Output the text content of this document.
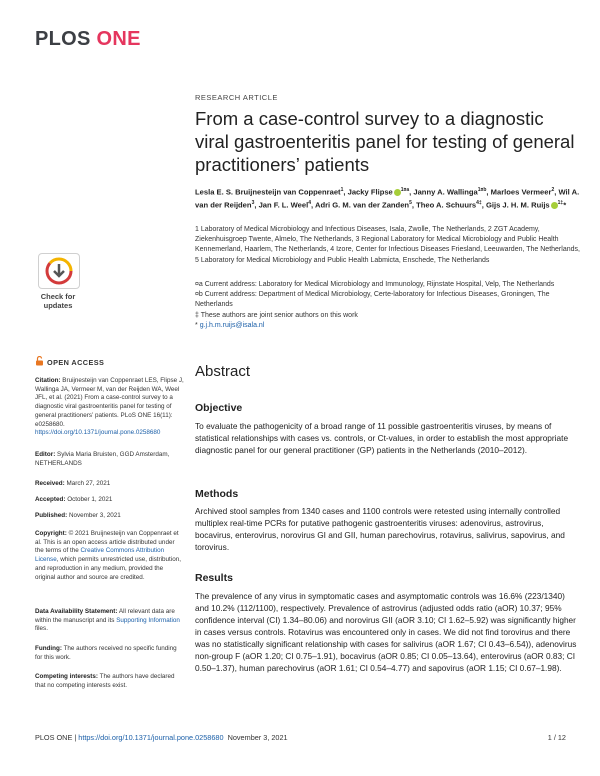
PLOS ONE
RESEARCH ARTICLE
From a case-control survey to a diagnostic viral gastroenteritis panel for testing of general practitioners’ patients
Lesla E. S. Bruijnesteijn van Coppenraet$^1$, Jacky Flipse $^{1¤a}$, Janny A. Wallinga$^{1¤b}$, Marloes Vermeer$^2$, Wil A. van der Reijden$^3$, Jan F. L. Weel$^4$, Adri G. M. van der Zanden$^5$, Theo A. Schuurs$^{4\ddagger}$, Gijs J. H. M. Ruijs $^{1\ddagger}$*
1 Laboratory of Medical Microbiology and Infectious Diseases, Isala, Zwolle, The Netherlands, 2 ZGT Academy, Ziekenhuisgroep Twente, Almelo, The Netherlands, 3 Regional Laboratory for Medical Microbiology and Public Health Kennemerland, Haarlem, The Netherlands, 4 Izore, Center for Infectious Diseases Friesland, Leeuwarden, The Netherlands, 5 Laboratory for Medical Microbiology and Public Health Labmicta, Enschede, The Netherlands

¤a Current address: Laboratory for Medical Microbiology and Immunology, Rijnstate Hospital, Velp, The Netherlands

¤b Current address: Department of Medical Microbiology, Certe-laboratory for Infectious Diseases, Groningen, The Netherlands

‡ These authors are joint senior authors on this work

* g.j.h.m.ruijs@isala.nl

Check for
updates
OPEN ACCESS
Citation: Bruijnesteijn van Coppenraet LES, Flipse J, Wallinga JA, Vermeer M, van der Reijden WA, Weel JFL, et al. (2021) From a case-control survey to a diagnostic viral gastroenteritis panel for testing of general practitioners’ patients. PLoS ONE 16(11): e0258680. https://doi.org/10.1371/journal.pone.0258680
Editor: Sylvia Maria Bruisten, GGD Amsterdam, NETHERLANDS
Received: March 27, 2021
Accepted: October 1, 2021
Published: November 3, 2021
Copyright: © 2021 Bruijnesteijn van Coppenraet et al. This is an open access article distributed under the terms of the Creative Commons Attribution License, which permits unrestricted use, distribution, and reproduction in any medium, provided the original author and source are credited.
Data Availability Statement: All relevant data are within the manuscript and its Supporting Information files.
Funding: The authors received no specific funding for this work.
Competing interests: The authors have declared that no competing interests exist.
Abstract
Objective
To evaluate the pathogenicity of a broad range of 11 possible gastroenteritis viruses, by means of statistical relationships with cases vs. controls, or Ct-values, in order to establish the most appropriate diagnostic panel for our general practitioner (GP) patients in the Netherlands (2010–2012).
Methods
Archived stool samples from 1340 cases and 1100 controls were retested using internally controlled multiplex real-time PCRs for putative pathogenic gastroenteritis viruses: adenovirus, astrovirus, bocavirus, enterovirus, norovirus GI and GII, human parechovirus, rotavirus, salivirus, sapovirus, and torovirus.
Results
The prevalence of any virus in symptomatic cases and asymptomatic controls was 16.6% (223/1340) and 10.2% (112/1100), respectively. Prevalence of astrovirus (adjusted odds ratio (aOR) 10.37; 95% confidence interval (CI) 1.34–80.06) and norovirus GII (aOR 3.10; CI 1.62–5.92) was significantly higher in cases versus controls. Rotavirus was encountered only in cases. We did not find torovirus and there was no statistically significant relationship with cases for salivirus (aOR 1.67; CI 0.43–6.54)), adenovirus non-group F (aOR 1.20; CI 0.75–1.91), bocavirus (aOR 0.85; CI 0.05–13.64), enterovirus (aOR 0.83; CI 0.50–1.37), human parechovirus (aOR 1.61; CI 0.54–4.77) and sapovirus (aOR 1.15; CI 0.67–1.98).
PLOS ONE | https://doi.org/10.1371/journal.pone.0258680 November 3, 2021	1 / 12
